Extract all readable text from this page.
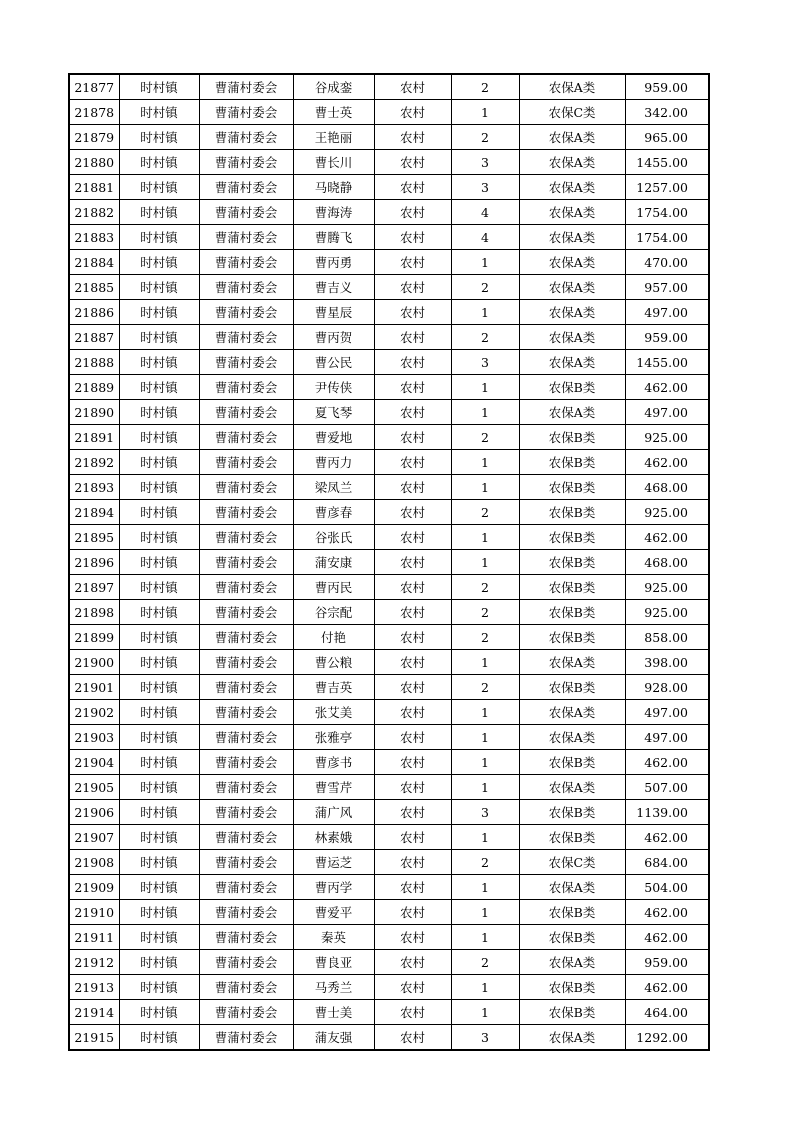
21877	时村镇	曹蒲村委会	谷成銮	农村	2	农保A类	959.00
21878	时村镇	曹蒲村委会	曹士英	农村	1	农保C类	342.00
21879	时村镇	曹蒲村委会	王艳丽	农村	2	农保A类	965.00
21880	时村镇	曹蒲村委会	曹长川	农村	3	农保A类	1455.00
21881	时村镇	曹蒲村委会	马晓静	农村	3	农保A类	1257.00
21882	时村镇	曹蒲村委会	曹海涛	农村	4	农保A类	1754.00
21883	时村镇	曹蒲村委会	曹腾飞	农村	4	农保A类	1754.00
21884	时村镇	曹蒲村委会	曹丙勇	农村	1	农保A类	470.00
21885	时村镇	曹蒲村委会	曹吉义	农村	2	农保A类	957.00
21886	时村镇	曹蒲村委会	曹星辰	农村	1	农保A类	497.00
21887	时村镇	曹蒲村委会	曹丙贺	农村	2	农保A类	959.00
21888	时村镇	曹蒲村委会	曹公民	农村	3	农保A类	1455.00
21889	时村镇	曹蒲村委会	尹传侠	农村	1	农保B类	462.00
21890	时村镇	曹蒲村委会	夏飞琴	农村	1	农保A类	497.00
21891	时村镇	曹蒲村委会	曹爱地	农村	2	农保B类	925.00
21892	时村镇	曹蒲村委会	曹丙力	农村	1	农保B类	462.00
21893	时村镇	曹蒲村委会	梁凤兰	农村	1	农保B类	468.00
21894	时村镇	曹蒲村委会	曹彦春	农村	2	农保B类	925.00
21895	时村镇	曹蒲村委会	谷张氏	农村	1	农保B类	462.00
21896	时村镇	曹蒲村委会	蒲安康	农村	1	农保B类	468.00
21897	时村镇	曹蒲村委会	曹丙民	农村	2	农保B类	925.00
21898	时村镇	曹蒲村委会	谷宗配	农村	2	农保B类	925.00
21899	时村镇	曹蒲村委会	付艳	农村	2	农保B类	858.00
21900	时村镇	曹蒲村委会	曹公粮	农村	1	农保A类	398.00
21901	时村镇	曹蒲村委会	曹吉英	农村	2	农保B类	928.00
21902	时村镇	曹蒲村委会	张艾美	农村	1	农保A类	497.00
21903	时村镇	曹蒲村委会	张雅亭	农村	1	农保A类	497.00
21904	时村镇	曹蒲村委会	曹彦书	农村	1	农保B类	462.00
21905	时村镇	曹蒲村委会	曹雪芹	农村	1	农保A类	507.00
21906	时村镇	曹蒲村委会	蒲广风	农村	3	农保B类	1139.00
21907	时村镇	曹蒲村委会	林素娥	农村	1	农保B类	462.00
21908	时村镇	曹蒲村委会	曹运芝	农村	2	农保C类	684.00
21909	时村镇	曹蒲村委会	曹丙学	农村	1	农保A类	504.00
21910	时村镇	曹蒲村委会	曹爱平	农村	1	农保B类	462.00
21911	时村镇	曹蒲村委会	秦英	农村	1	农保B类	462.00
21912	时村镇	曹蒲村委会	曹良亚	农村	2	农保A类	959.00
21913	时村镇	曹蒲村委会	马秀兰	农村	1	农保B类	462.00
21914	时村镇	曹蒲村委会	曹士美	农村	1	农保B类	464.00
21915	时村镇	曹蒲村委会	蒲友强	农村	3	农保A类	1292.00
